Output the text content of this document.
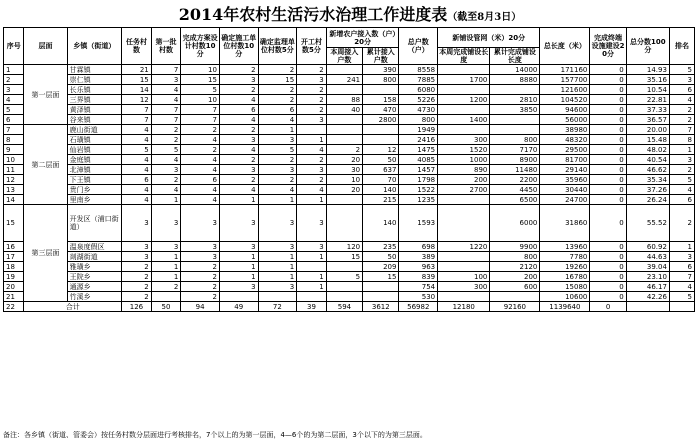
2014年农村生活污水治理工作进度表（截至8月3日）
序号	层面	乡镇（街道）	任务村数	第一批村数	完成方案设计村数10分	确定施工单位村数10分	确定监理单位村数5分	开工村数5分	新增农户接入数（户）20分		总户数（户）	新铺设管网（米）20分		总长度（米）	完成终端设施建设20分	总分数100分	排名
									本周接入户数	累计接入户数		本周完成铺设长度	累计完成铺设长度				
1	第一层面	甘霖镇	21	7	10	2	2	2		390	8558		14000	171160	0	14.93	5
2		崇仁镇	15	3	15	3	15	3	241	800	7885	1700	8880	157700	0	35.16	3
3		长乐镇	14	4	5	2	2	2			6080			121600	0	10.54	6
4		三界镇	12	4	10	4	2	2	88	158	5226	1200	2810	104520	0	22.81	4
5		黄泽镇	7	7	7	6	6	2	40	470	4730		3850	94600	0	37.33	2
6		谷来镇	7	7	7	4	4	3		2800	800	1400		56000	0	36.57	2
7	第二层面	鹿山街道	4	2	2	2	1				1949			38980	0	20.00	7
8		石璜镇	4	2	4	3	3	1			2416	300	800	48320	0	15.48	8
9		仙岩镇	5	5	2	4	5	4	2	12	1475	1520	7170	29500	0	48.02	1
10		金庭镇	4	4	4	2	2	2	20	50	4085	1000	8900	81700	0	40.54	3
11		北漳镇	4	3	4	3	3	3	30	637	1457	890	11480	29140	0	46.62	2
12		下王镇	6	2	6	2	2	2	10	70	1798	200	2200	35960	0	35.34	5
13		贵门乡	4	4	4	4	4	4	20	140	1522	2700	4450	30440	0	37.26	4
14		里南乡	4	1	4	1	1	1		215	1235		6500	24700	0	26.24	6
15	第三层面	开发区（浦口街道）	3	3	3	3	3	3		140	1593		6000	31860	0	55.52	2
16		温泉度假区	3	3	3	3	3	3	120	235	698	1220	9900	13960	0	60.92	1
17		剡湖街道	3	1	3	1	1	1	15	50	389		800	7780	0	44.63	3
18		雅璜乡	2	1	2	1	1			209	963		2120	19260	0	39.04	6
19		王院乡	2	1	2	1	1	1	5	15	839	100	200	16780	0	23.10	7
20		通源乡	2	2	2	3	3	1			754	300	600	15080	0	46.17	4
21		竹溪乡	2		2						530			10600	0	42.26	5
22	合计		126	50	94	49	72	39	594	3612	56982	12180	92160	1139640	0		
备注：各乡镇（街道、管委会）按任务村数分层面进行考核排名，7个以上的为第一层面，4—6个的为第二层面，3个以下的为第三层面。
